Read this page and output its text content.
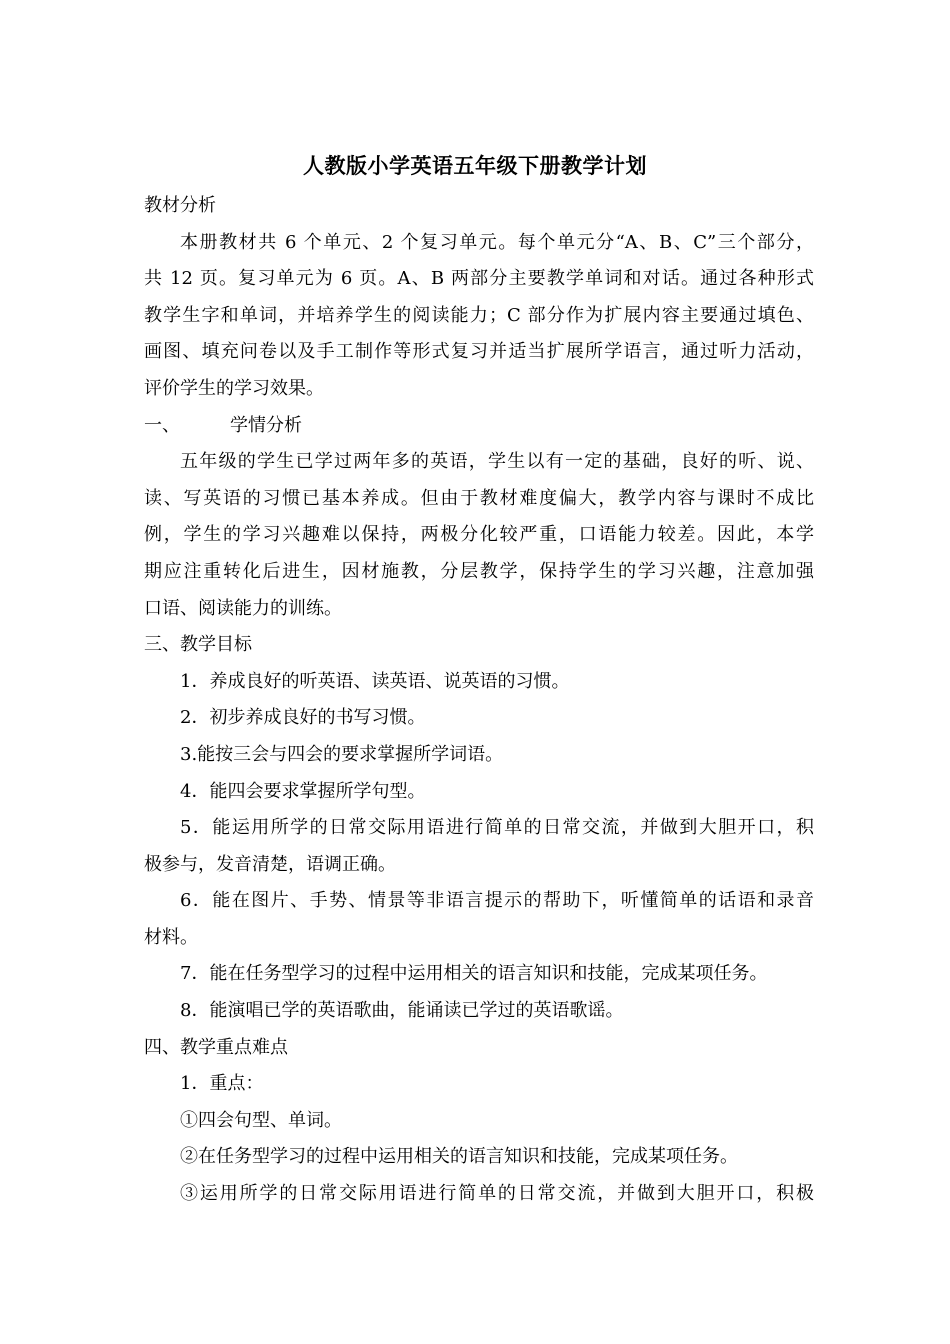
人教版小学英语五年级下册教学计划
教材分析
本册教材共 6 个单元、2 个复习单元。每个单元分“A、B、C”三个部分，
共 12 页。复习单元为 6 页。A、B 两部分主要教学单词和对话。通过各种形式
教学生字和单词，并培养学生的阅读能力；C 部分作为扩展内容主要通过填色、
画图、填充问卷以及手工制作等形式复习并适当扩展所学语言，通过听力活动，
评价学生的学习效果。
一、	学情分析
五年级的学生已学过两年多的英语，学生以有一定的基础，良好的听、说、
读、写英语的习惯已基本养成。但由于教材难度偏大，教学内容与课时不成比
例，学生的学习兴趣难以保持，两极分化较严重，口语能力较差。因此，本学
期应注重转化后进生，因材施教，分层教学，保持学生的学习兴趣，注意加强
口语、阅读能力的训练。
三、教学目标
1．养成良好的听英语、读英语、说英语的习惯。
2．初步养成良好的书写习惯。
3.能按三会与四会的要求掌握所学词语。
4．能四会要求掌握所学句型。
5．能运用所学的日常交际用语进行简单的日常交流，并做到大胆开口，积
极参与，发音清楚，语调正确。
6．能在图片、手势、情景等非语言提示的帮助下，听懂简单的话语和录音
材料。
7．能在任务型学习的过程中运用相关的语言知识和技能，完成某项任务。
8．能演唱已学的英语歌曲，能诵读已学过的英语歌谣。
四、教学重点难点
1．重点：
①四会句型、单词。
②在任务型学习的过程中运用相关的语言知识和技能，完成某项任务。
③运用所学的日常交际用语进行简单的日常交流，并做到大胆开口，积极
